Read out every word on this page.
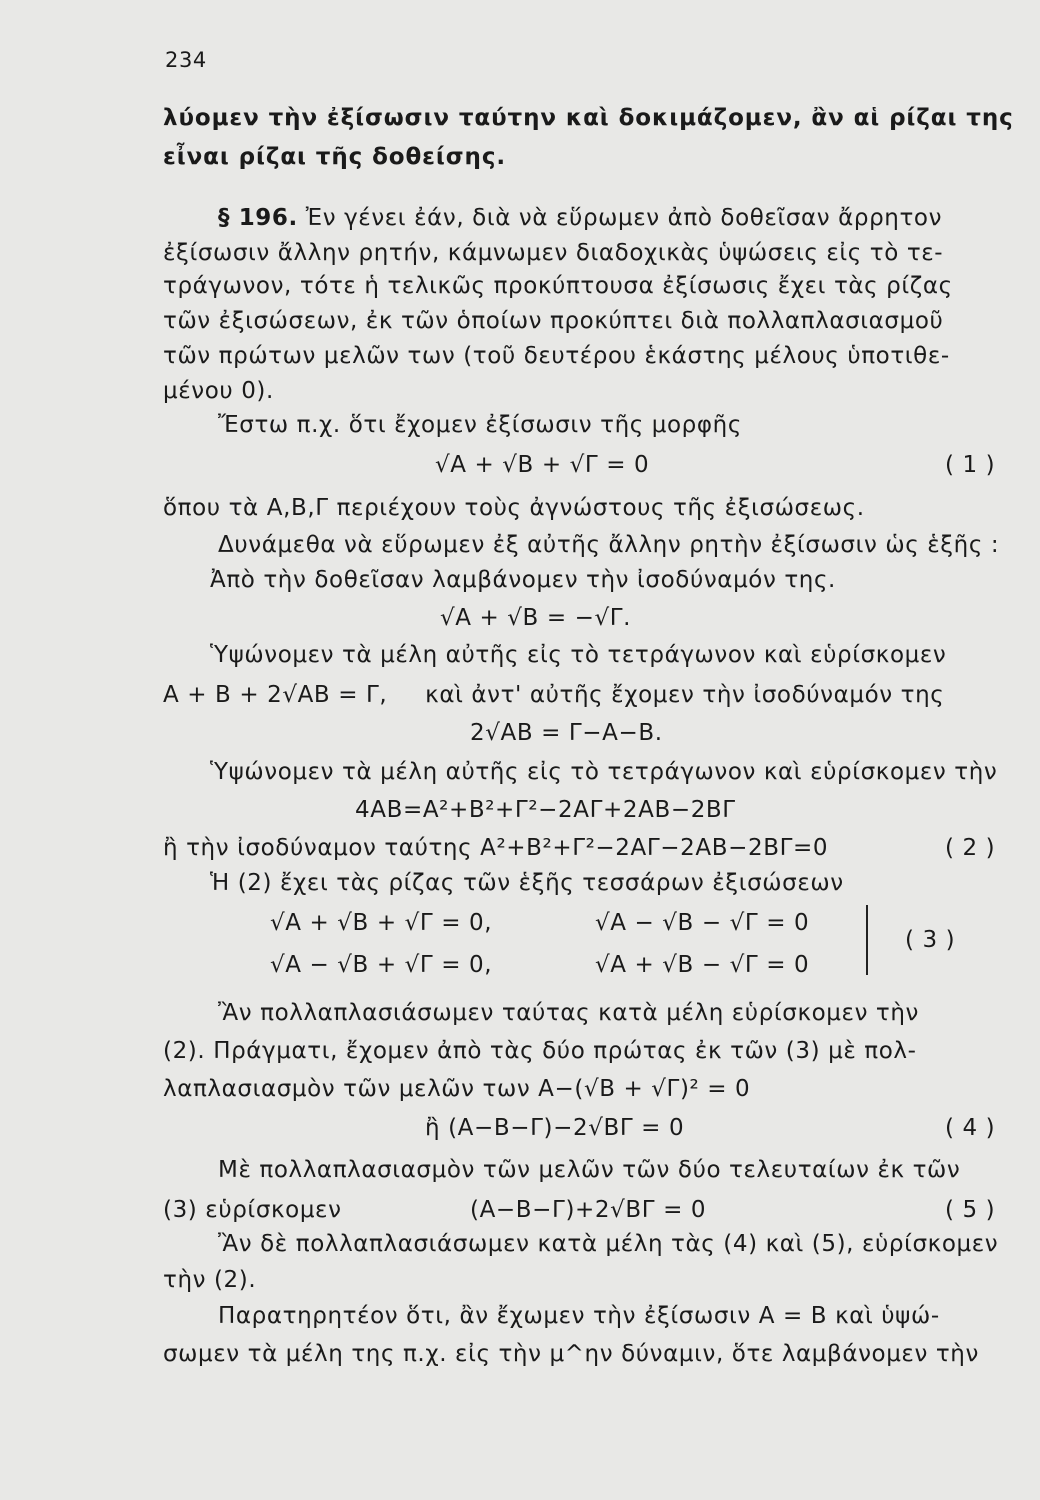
234
λύομεν τὴν ἐξίσωσιν ταύτην καὶ δοκιμάζομεν, ἂν αἱ ρίζαι της
εἶναι ρίζαι τῆς δοθείσης.
§ 196. Ἐν γένει ἐάν, διὰ νὰ εὕρωμεν ἀπὸ δοθεῖσαν ἄρρητον
ἐξίσωσιν ἄλλην ρητήν, κάμνωμεν διαδοχικὰς ὑψώσεις εἰς τὸ τε-
τράγωνον, τότε ἡ τελικῶς προκύπτουσα ἐξίσωσις ἔχει τὰς ρίζας
τῶν ἐξισώσεων, ἐκ τῶν ὁποίων προκύπτει διὰ πολλαπλασιασμοῦ
τῶν πρώτων μελῶν των (τοῦ δευτέρου ἑκάστης μέλους ὑποτιθε-
μένου 0).
Ἔστω π.χ. ὅτι ἔχομεν ἐξίσωσιν τῆς μορφῆς
√A + √B + √Γ = 0	( 1 )
ὅπου τὰ A,B,Γ περιέχουν τοὺς ἀγνώστους τῆς ἐξισώσεως.
Δυνάμεθα νὰ εὕρωμεν ἐξ αὐτῆς ἄλλην ρητὴν ἐξίσωσιν ὡς ἑξῆς :
Ἀπὸ τὴν δοθεῖσαν λαμβάνομεν τὴν ἰσοδύναμόν της.
√A + √B = −√Γ.
Ὑψώνομεν τὰ μέλη αὐτῆς εἰς τὸ τετράγωνον καὶ εὑρίσκομεν
A + B + 2√AB = Γ, καὶ ἀντ' αὐτῆς ἔχομεν τὴν ἰσοδύναμόν της
2√AB = Γ−A−B.
Ὑψώνομεν τὰ μέλη αὐτῆς εἰς τὸ τετράγωνον καὶ εὑρίσκομεν τὴν
4AB=A²+B²+Γ²−2AΓ+2AB−2BΓ
ἢ τὴν ἰσοδύναμον ταύτης A²+B²+Γ²−2AΓ−2AB−2BΓ=0	( 2 )
Ἡ (2) ἔχει τὰς ρίζας τῶν ἑξῆς τεσσάρων ἐξισώσεων
√A + √B + √Γ = 0,	√A − √B − √Γ = 0
√A − √B + √Γ = 0,	√A + √B − √Γ = 0
( 3 )
Ἂν πολλαπλασιάσωμεν ταύτας κατὰ μέλη εὑρίσκομεν τὴν
(2). Πράγματι, ἔχομεν ἀπὸ τὰς δύο πρώτας ἐκ τῶν (3) μὲ πολ-
λαπλασιασμὸν τῶν μελῶν των A−(√B + √Γ)² = 0
ἢ (A−B−Γ)−2√BΓ = 0	( 4 )
Μὲ πολλαπλασιασμὸν τῶν μελῶν τῶν δύο τελευταίων ἐκ τῶν
(3) εὑρίσκομεν	(A−B−Γ)+2√BΓ = 0	( 5 )
Ἂν δὲ πολλαπλασιάσωμεν κατὰ μέλη τὰς (4) καὶ (5), εὑρίσκομεν
τὴν (2).
Παρατηρητέον ὅτι, ἂν ἔχωμεν τὴν ἐξίσωσιν A = B καὶ ὑψώ-
σωμεν τὰ μέλη της π.χ. εἰς τὴν μ^ην δύναμιν, ὅτε λαμβάνομεν τὴν
